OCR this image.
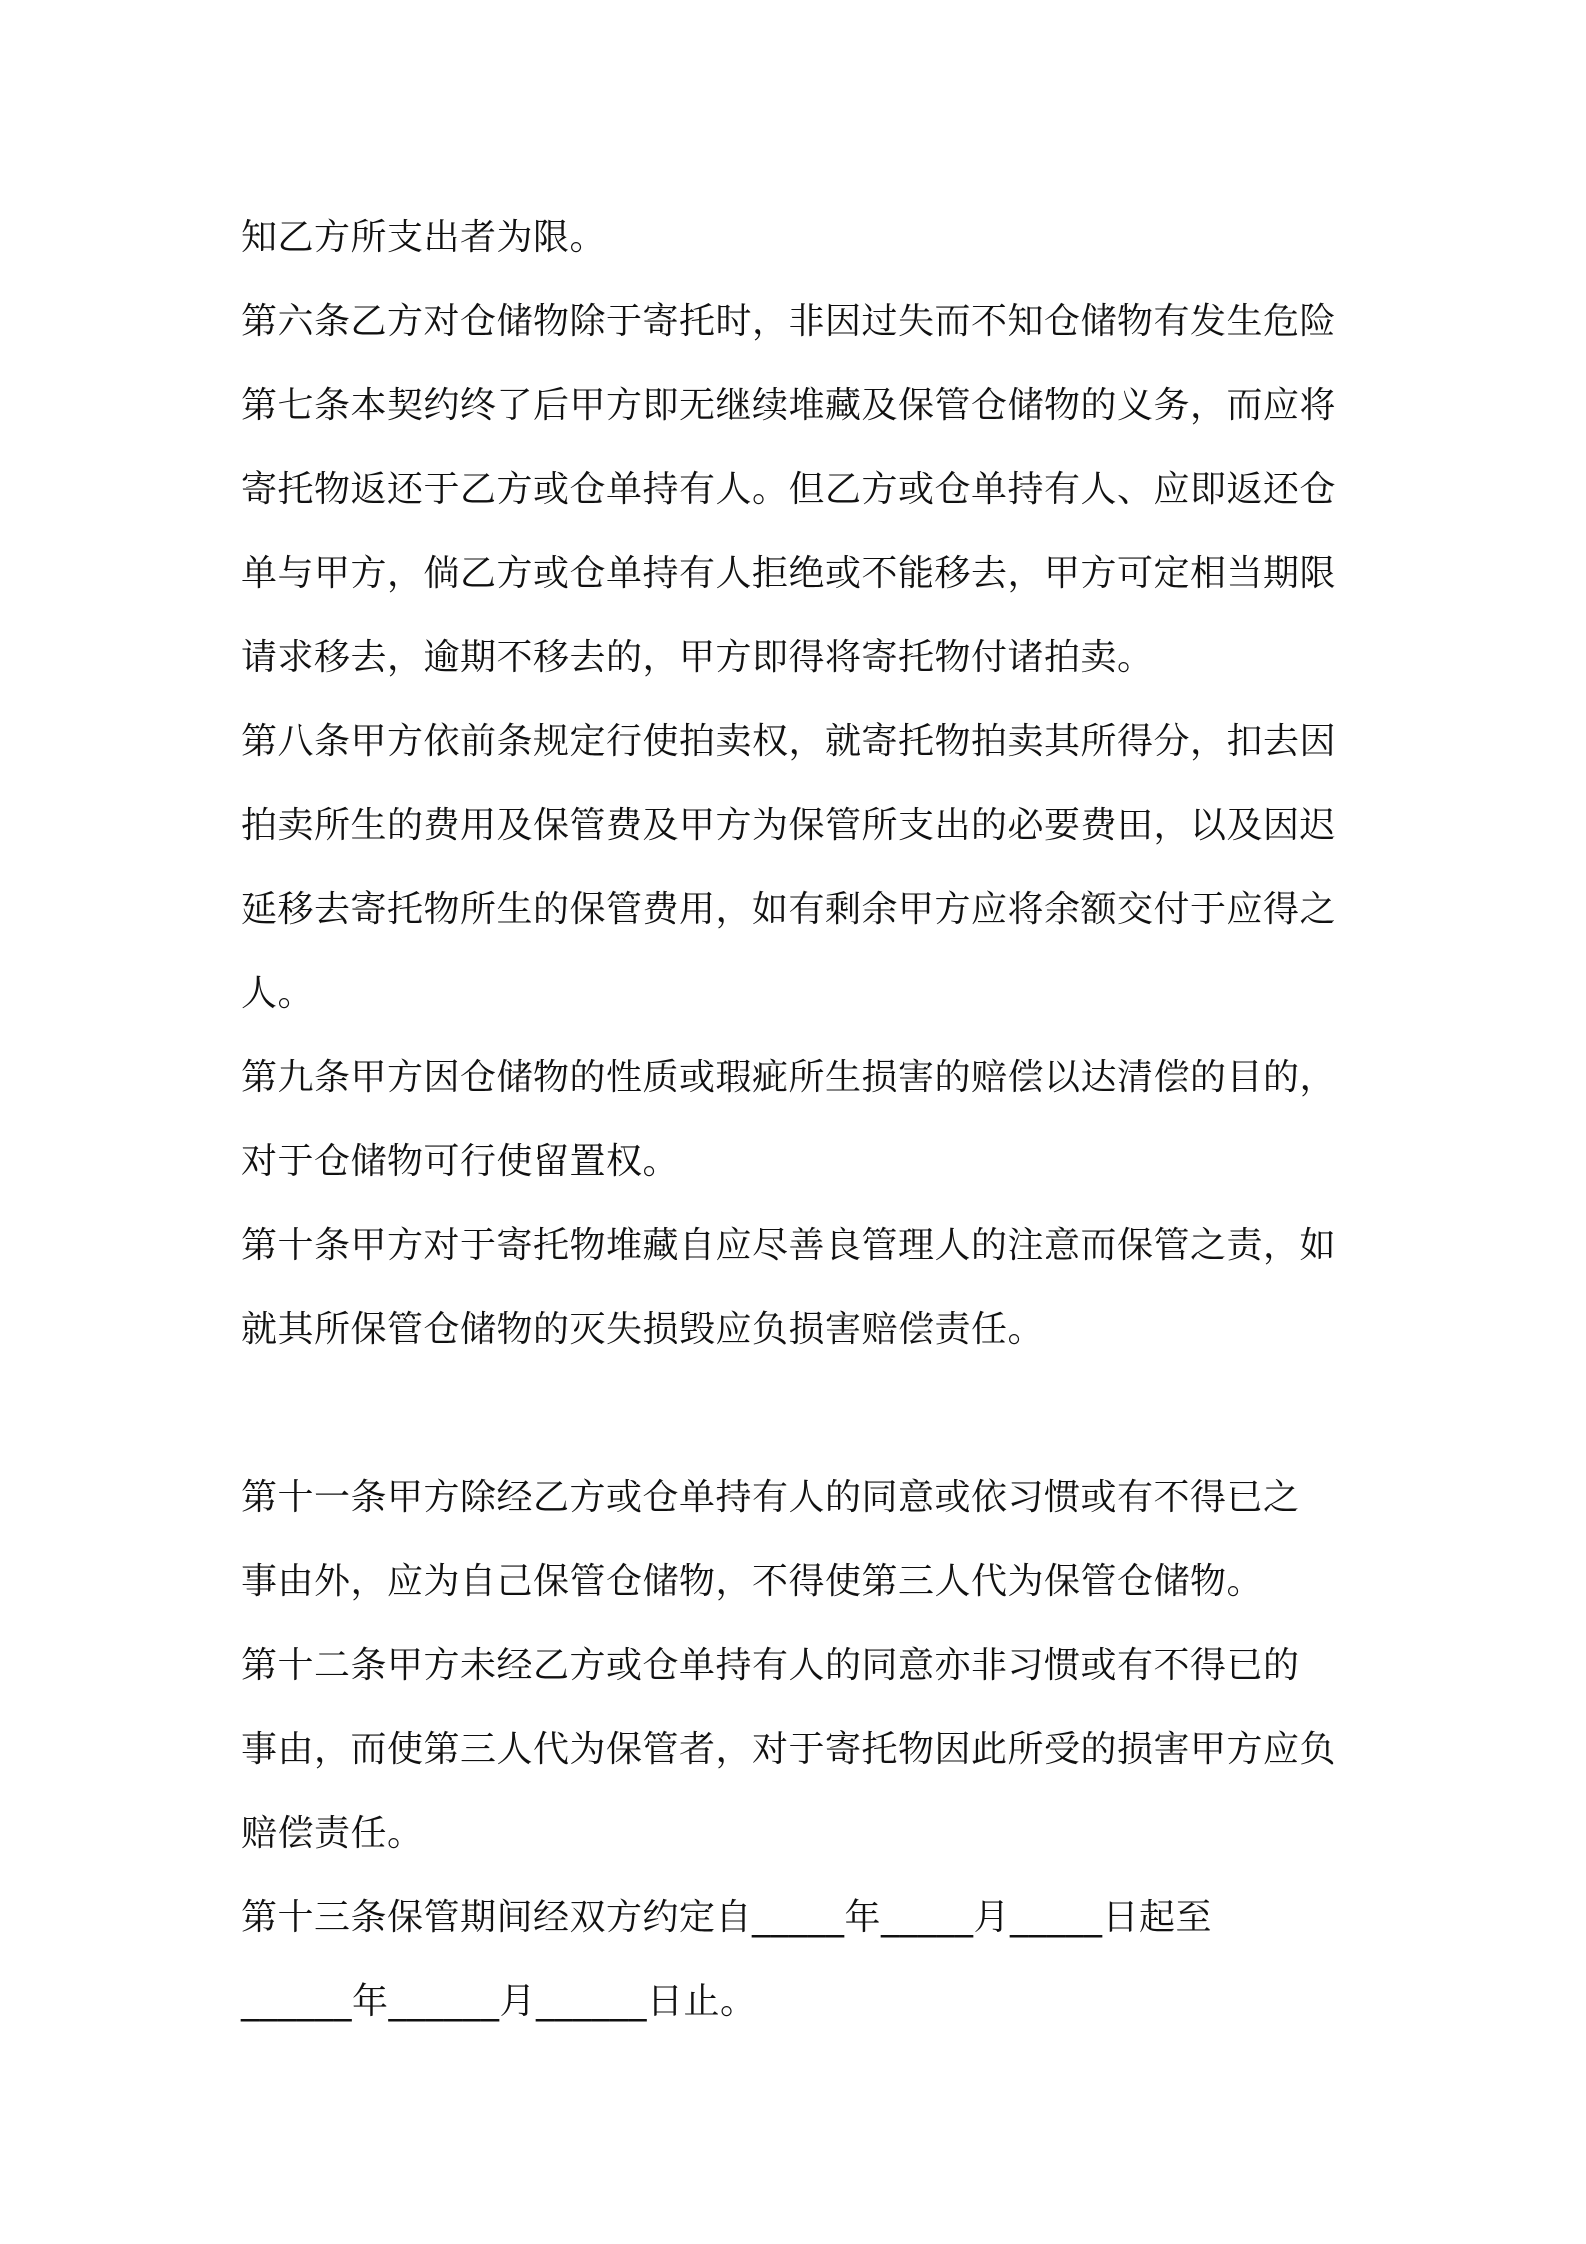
知乙方所支出者为限。
第六条乙方对仓储物除于寄托时，非因过失而不知仓储物有发生危险
第七条本契约终了后甲方即无继续堆藏及保管仓储物的义务，而应将
寄托物返还于乙方或仓单持有人。但乙方或仓单持有人、应即返还仓
单与甲方，倘乙方或仓单持有人拒绝或不能移去，甲方可定相当期限
请求移去，逾期不移去的，甲方即得将寄托物付诸拍卖。
第八条甲方依前条规定行使拍卖权，就寄托物拍卖其所得分，扣去因
拍卖所生的费用及保管费及甲方为保管所支出的必要费田，以及因迟
延移去寄托物所生的保管费用，如有剩余甲方应将余额交付于应得之
人。
第九条甲方因仓储物的性质或瑕疵所生损害的赔偿以达清偿的目的，
对于仓储物可行使留置权。
第十条甲方对于寄托物堆藏自应尽善良管理人的注意而保管之责，如
就其所保管仓储物的灭失损毁应负损害赔偿责任。
第十一条甲方除经乙方或仓单持有人的同意或依习惯或有不得已之
事由外，应为自己保管仓储物，不得使第三人代为保管仓储物。
第十二条甲方未经乙方或仓单持有人的同意亦非习惯或有不得已的
事由，而使第三人代为保管者，对于寄托物因此所受的损害甲方应负
赔偿责任。
第十三条保管期间经双方约定自_____年_____月_____日起至
______年______月______日止。
